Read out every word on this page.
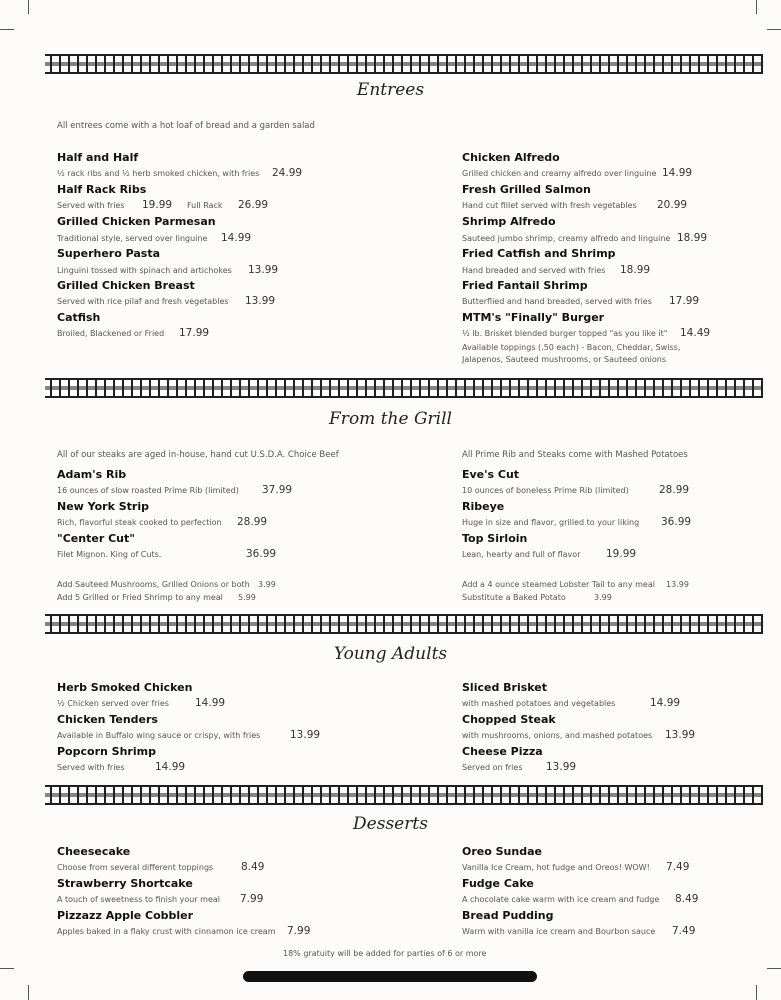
Entrees
All entrees come with a hot loaf of bread and a garden salad
Half and Half
½ rack ribs and ½ herb smoked chicken, with fries 24.99
Half Rack Ribs
Served with fries 19.99 Full Rack 26.99
Grilled Chicken Parmesan
Traditional style, served over linguine 14.99
Superhero Pasta
Linguini tossed with spinach and artichokes 13.99
Grilled Chicken Breast
Served with rice pilaf and fresh vegetables 13.99
Catfish
Broiled, Blackened or Fried 17.99
Chicken Alfredo
Grilled chicken and creamy alfredo over linguine 14.99
Fresh Grilled Salmon
Hand cut fillet served with fresh vegetables 20.99
Shrimp Alfredo
Sauteed jumbo shrimp, creamy alfredo and linguine 18.99
Fried Catfish and Shrimp
Hand breaded and served with fries 18.99
Fried Fantail Shrimp
Butterflied and hand breaded, served with fries 17.99
MTM's "Finally" Burger
½ lb. Brisket blended burger topped "as you like it" 14.49
Available toppings (.50 each) - Bacon, Cheddar, Swiss,
Jalapenos, Sauteed mushrooms, or Sauteed onions
From the Grill
All of our steaks are aged in-house, hand cut U.S.D.A. Choice Beef	All Prime Rib and Steaks come with Mashed Potatoes
Adam's Rib
16 ounces of slow roasted Prime Rib (limited) 37.99
New York Strip
Rich, flavorful steak cooked to perfection 28.99
"Center Cut"
Filet Mignon. King of Cuts.	36.99
Eve's Cut
10 ounces of boneless Prime Rib (limited)	28.99
Ribeye
Huge in size and flavor, grilled to your liking 36.99
Top Sirloin
Lean, hearty and full of flavor 19.99
Add Sauteed Mushrooms, Grilled Onions or both 3.99
Add 5 Grilled or Fried Shrimp to any meal 5.99
Add a 4 ounce steamed Lobster Tail to any meal 13.99
Substitute a Baked Potato	3.99
Young Adults
Herb Smoked Chicken
½ Chicken served over fries 14.99
Chicken Tenders
Available in Buffalo wing sauce or crispy, with fries	13.99
Popcorn Shrimp
Served with fries	14.99
Sliced Brisket
with mashed potatoes and vegetables	14.99
Chopped Steak
with mushrooms, onions, and mashed potatoes 13.99
Cheese Pizza
Served on fries 13.99
Desserts
Cheesecake
Choose from several different toppings	8.49
Strawberry Shortcake
A touch of sweetness to finish your meal 7.99
Pizzazz Apple Cobbler
Apples baked in a flaky crust with cinnamon ice cream 7.99
Oreo Sundae
Vanilla Ice Cream, hot fudge and Oreos! WOW! 7.49
Fudge Cake
A chocolate cake warm with ice cream and fudge 8.49
Bread Pudding
Warm with vanilla ice cream and Bourbon sauce 7.49
18% gratuity will be added for parties of 6 or more
